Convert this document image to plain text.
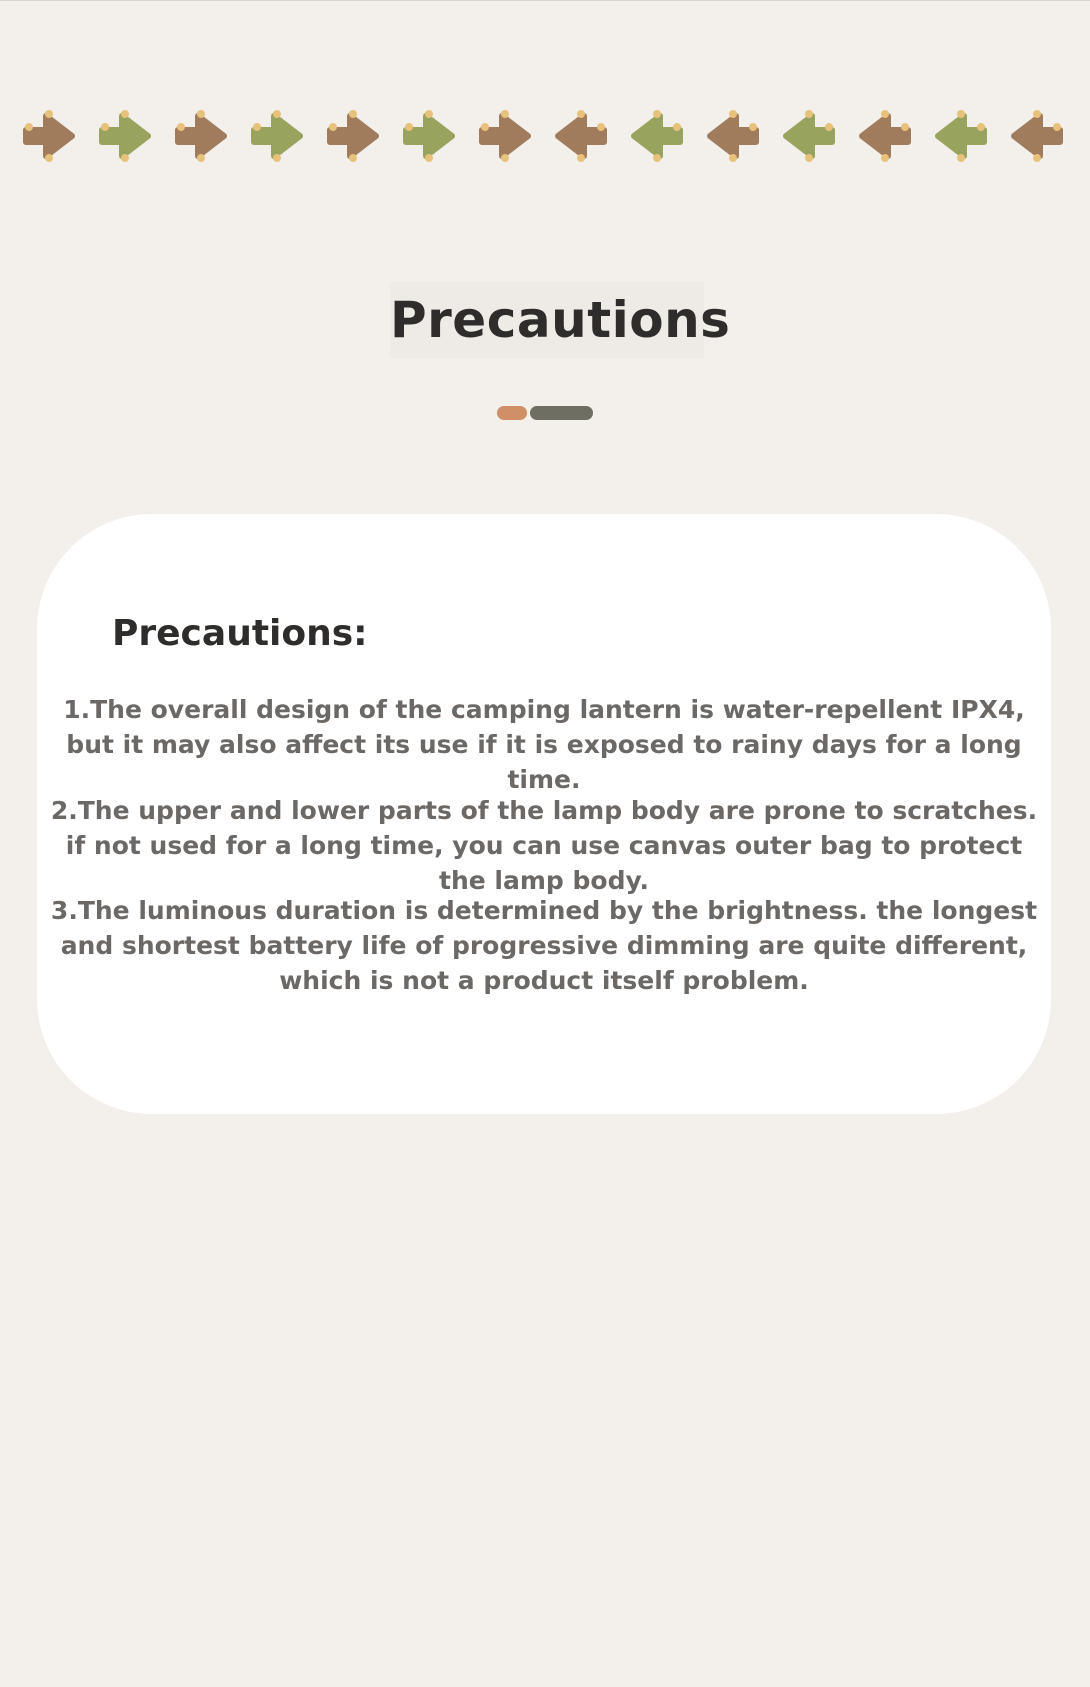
Precautions
Precautions:

1.The overall design of the camping lantern is water-repellent IPX4, but it may also affect its use if it is exposed to rainy days for a long time.

2.The upper and lower parts of the lamp body are prone to scratches. if not used for a long time, you can use canvas outer bag to protect the lamp body.

3.The luminous duration is determined by the brightness. the longest and shortest battery life of progressive dimming are quite different, which is not a product itself problem.
